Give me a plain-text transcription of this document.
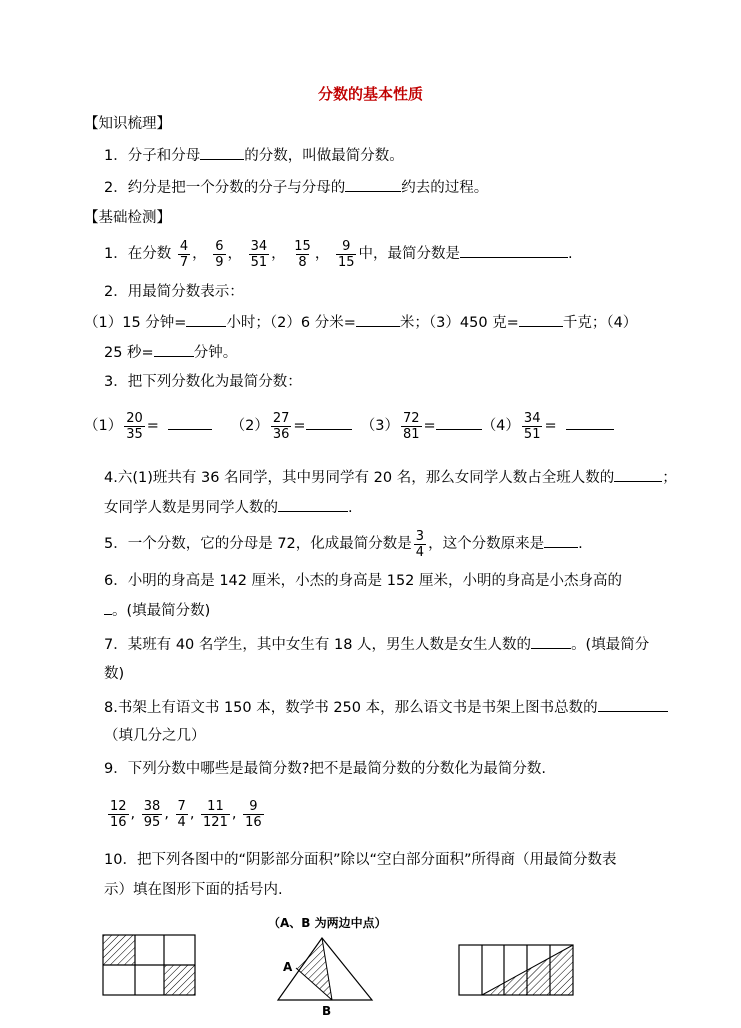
分数的基本性质
【知识梳理】
1．分子和分母	的分数，叫做最简分数。
2．约分是把一个分数的分子与分母的	约去的过程。
【基础检测】
1．在分数 $\frac{4}{7}$ ， $\frac{6}{9}$ ， $\frac{34}{51}$ ， $\frac{15}{8}$ ， $\frac{9}{15}$ 中，最简分数是	.
2．用最简分数表示：
（1）15 分钟=	小时；（2）6 分米=	米；（3）450 克=	千克；（4）
25 秒=	分钟。
3．把下列分数化为最简分数：
$(1) \frac{20}{35}$ =	$(2) \frac{27}{36}$ =	$(3) \frac{72}{81}$ =	$(4) \frac{34}{51}$ =
4.六(1)班共有 36 名同学，其中男同学有 20 名，那么女同学人数占全班人数的	；
女同学人数是男同学人数的	.
5．一个分数，它的分母是 72，化成最简分数是 $\frac{3}{4}$ ，这个分数原来是 .
6．小明的身高是 142 厘米，小杰的身高是 152 厘米，小明的身高是小杰身高的
。(填最简分数)
7．某班有 40 名学生，其中女生有 18 人，男生人数是女生人数的	。(填最简分
数)
8.书架上有语文书 150 本，数学书 250 本，那么语文书是书架上图书总数的
（填几分之几）
9．下列分数中哪些是最简分数?把不是最简分数的分数化为最简分数.
$\frac{12}{16}$ , $\frac{38}{95}$ , $\frac{7}{4}$ , $\frac{11}{121}$ , $\frac{9}{16}$
10．把下列各图中的“阴影部分面积”除以“空白部分面积”所得商（用最简分数表
示）填在图形下面的括号内.
（A、B 为两边中点）
A
B
